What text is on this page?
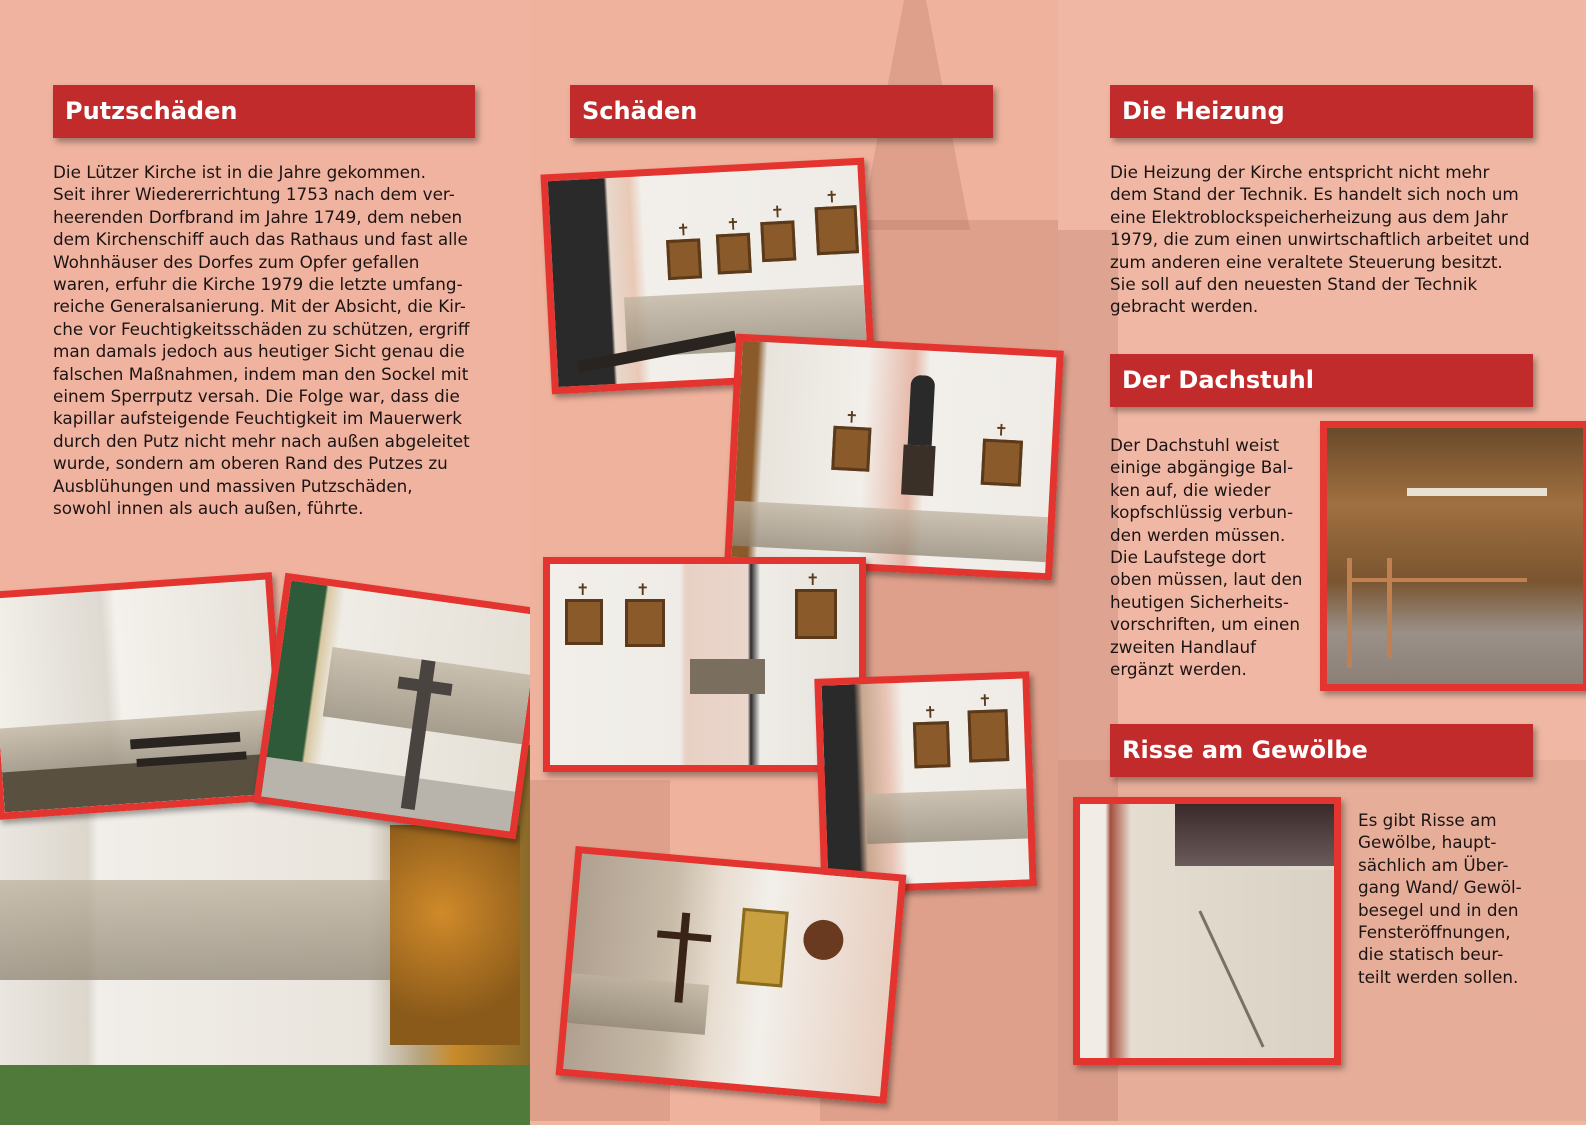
Putzschäden
Die Lützer Kirche ist in die Jahre gekommen.
Seit ihrer Wiedererrichtung 1753 nach dem ver-
heerenden Dorfbrand im Jahre 1749, dem neben
dem Kirchenschiff auch das Rathaus und fast alle
Wohnhäuser des Dorfes zum Opfer gefallen
waren, erfuhr die Kirche 1979 die letzte umfang-
reiche Generalsanierung. Mit der Absicht, die Kir-
che vor Feuchtigkeitsschäden zu schützen, ergriff
man damals jedoch aus heutiger Sicht genau die
falschen Maßnahmen, indem man den Sockel mit
einem Sperrputz versah. Die Folge war, dass die
kapillar aufsteigende Feuchtigkeit im Mauerwerk
durch den Putz nicht mehr nach außen abgeleitet
wurde, sondern am oberen Rand des Putzes zu
Ausblühungen und massiven Putzschäden,
sowohl innen als auch außen, führte.
Schäden	Die Heizung
Die Heizung der Kirche entspricht nicht mehr
dem Stand der Technik. Es handelt sich noch um
eine Elektroblockspeicherheizung aus dem Jahr
1979, die zum einen unwirtschaftlich arbeitet und
zum anderen eine veraltete Steuerung besitzt.
Sie soll auf den neuesten Stand der Technik
gebracht werden.
Der Dachstuhl
Der Dachstuhl weist
einige abgängige Bal-
ken auf, die wieder
kopfschlüssig verbun-
den werden müssen.
Die Laufstege dort
oben müssen, laut den
heutigen Sicherheits-
vorschriften, um einen
zweiten Handlauf
ergänzt werden.
Risse am Gewölbe
Es gibt Risse am
Gewölbe, haupt-
sächlich am Über-
gang Wand/ Gewöl-
besegel und in den
Fensteröffnungen,
die statisch beur-
teilt werden sollen.
✝
✝
✝
✝
✝
✝
✝
✝
✝
✝
✝
